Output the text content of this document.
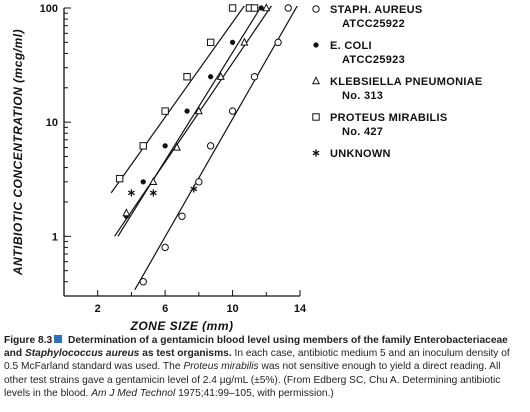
2	6	10	14
1
10
100	STAPH. AUREUS
ATCC25922
E. COLI
ATCC25923
KLEBSIELLA PNEUMONIAE
No. 313
PROTEUS MIRABILIS
No. 427
UNKNOWN
ZONE SIZE (mm)
ANTIBIOTIC CONCENTRATION (mcg/ml)
Figure 8.3 Determination of a gentamicin blood level using members of the family Enterobacteriaceae and Staphylococcus aureus as test organisms. In each case, antibiotic medium 5 and an inoculum density of 0.5 McFarland standard was used. The Proteus mirabilis was not sensitive enough to yield a direct reading. All other test strains gave a gentamicin level of 2.4 µg/mL (±5%). (From Edberg SC, Chu A. Determining antibiotic levels in the blood. Am J Med Technol 1975;41:99–105, with permission.)
